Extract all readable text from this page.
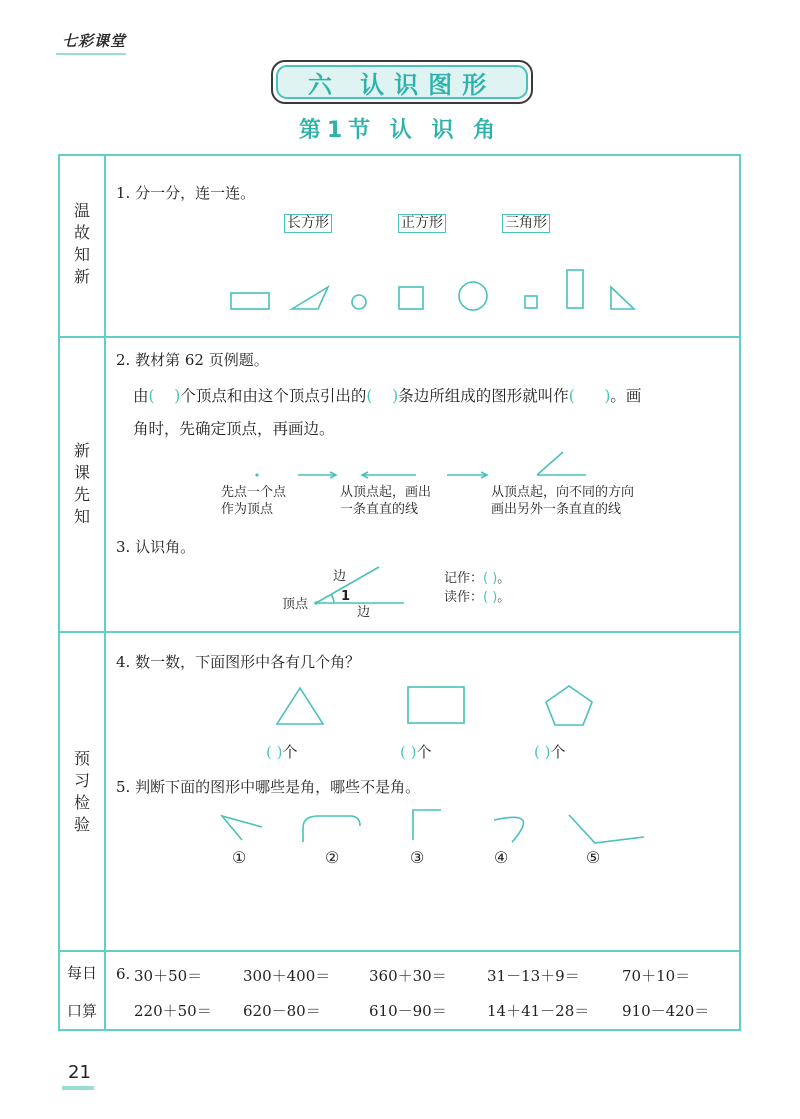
七彩课堂
六 认识图形
第1节 认 识 角
温
故
知
新
新
课
先
知
预
习
检
验
每日
口算
1. 分一分，连一连。
长方形	正方形	三角形
2. 教材第 62 页例题。
由( )个顶点和由这个顶点引出的( )条边所组成的图形就叫作( )。画
角时，先确定顶点，再画边。
先点一个点
作为顶点
从顶点起，画出
一条直直的线
从顶点起，向不同的方向
画出另外一条直直的线
3. 认识角。
边
顶点
1
边
记作：( )。
读作：( )。
4. 数一数，下面图形中各有几个角？
( )个	( )个	( )个
5. 判断下面的图形中哪些是角，哪些不是角。
①	②	③	④	⑤
6. 30＋50＝	300＋400＝	360＋30＝	31－13＋9＝	70＋10＝
220＋50＝ 620－80＝	610－90＝	14＋41－28＝ 910－420＝
21
